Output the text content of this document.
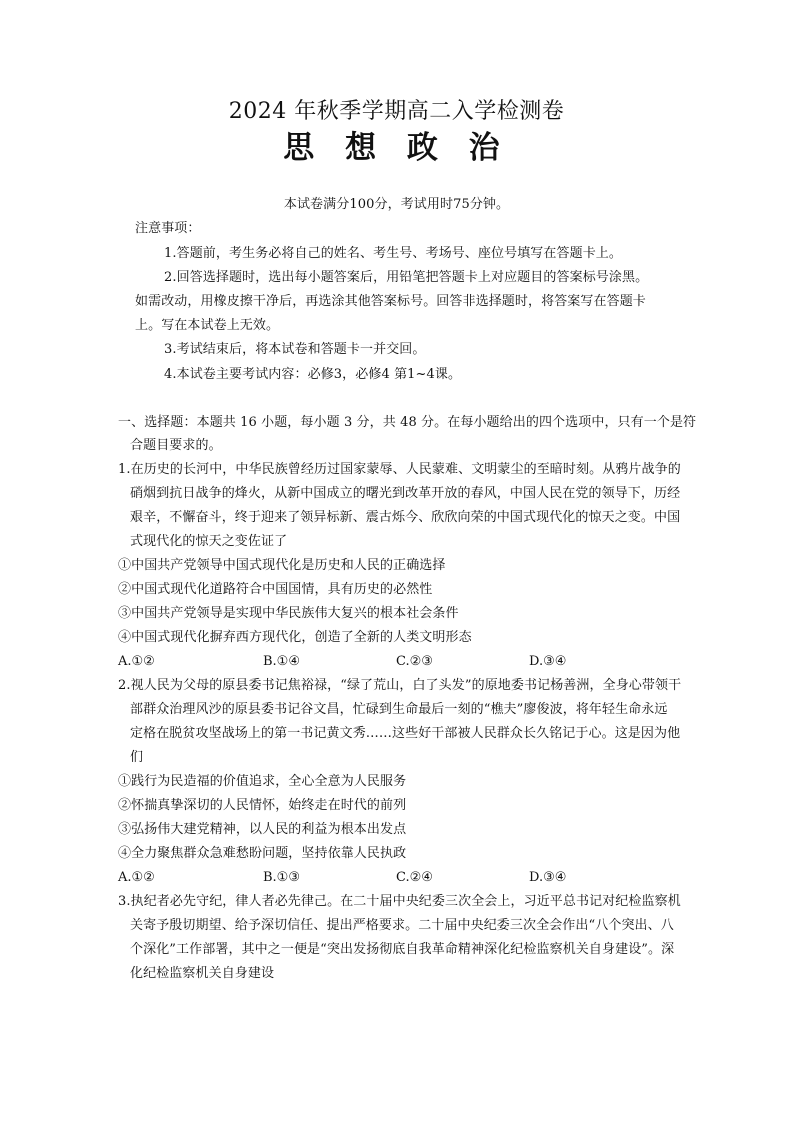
2024 年秋季学期高二入学检测卷
思 想 政 治
本试卷满分100分，考试用时75分钟。
注意事项：
1.答题前，考生务必将自己的姓名、考生号、考场号、座位号填写在答题卡上。
2.回答选择题时，选出每小题答案后，用铅笔把答题卡上对应题目的答案标号涂黑。
如需改动，用橡皮擦干净后，再选涂其他答案标号。回答非选择题时，将答案写在答题卡
上。写在本试卷上无效。
3.考试结束后，将本试卷和答题卡一并交回。
4.本试卷主要考试内容：必修3，必修4 第1~4课。
一、选择题：本题共 16 小题，每小题 3 分，共 48 分。在每小题给出的四个选项中，只有一个是符
合题目要求的。
1.在历史的长河中，中华民族曾经历过国家蒙辱、人民蒙难、文明蒙尘的至暗时刻。从鸦片战争的
硝烟到抗日战争的烽火，从新中国成立的曙光到改革开放的春风，中国人民在党的领导下，历经
艰辛，不懈奋斗，终于迎来了领异标新、震古烁今、欣欣向荣的中国式现代化的惊天之变。中国
式现代化的惊天之变佐证了
①中国共产党领导中国式现代化是历史和人民的正确选择
②中国式现代化道路符合中国国情，具有历史的必然性
③中国共产党领导是实现中华民族伟大复兴的根本社会条件
④中国式现代化摒弃西方现代化，创造了全新的人类文明形态
A.①②	B.①④	C.②③	D.③④
2.视人民为父母的原县委书记焦裕禄，“绿了荒山，白了头发”的原地委书记杨善洲，全身心带领干
部群众治理风沙的原县委书记谷文昌，忙碌到生命最后一刻的“樵夫”廖俊波，将年轻生命永远
定格在脱贫攻坚战场上的第一书记黄文秀……这些好干部被人民群众长久铭记于心。这是因为他
们
①践行为民造福的价值追求，全心全意为人民服务
②怀揣真挚深切的人民情怀，始终走在时代的前列
③弘扬伟大建党精神，以人民的利益为根本出发点
④全力聚焦群众急难愁盼问题，坚持依靠人民执政
A.①②	B.①③	C.②④	D.③④
3.执纪者必先守纪，律人者必先律己。在二十届中央纪委三次全会上，习近平总书记对纪检监察机
关寄予殷切期望、给予深切信任、提出严格要求。二十届中央纪委三次全会作出“八个突出、八
个深化”工作部署，其中之一便是“突出发扬彻底自我革命精神深化纪检监察机关自身建设”。深
化纪检监察机关自身建设
